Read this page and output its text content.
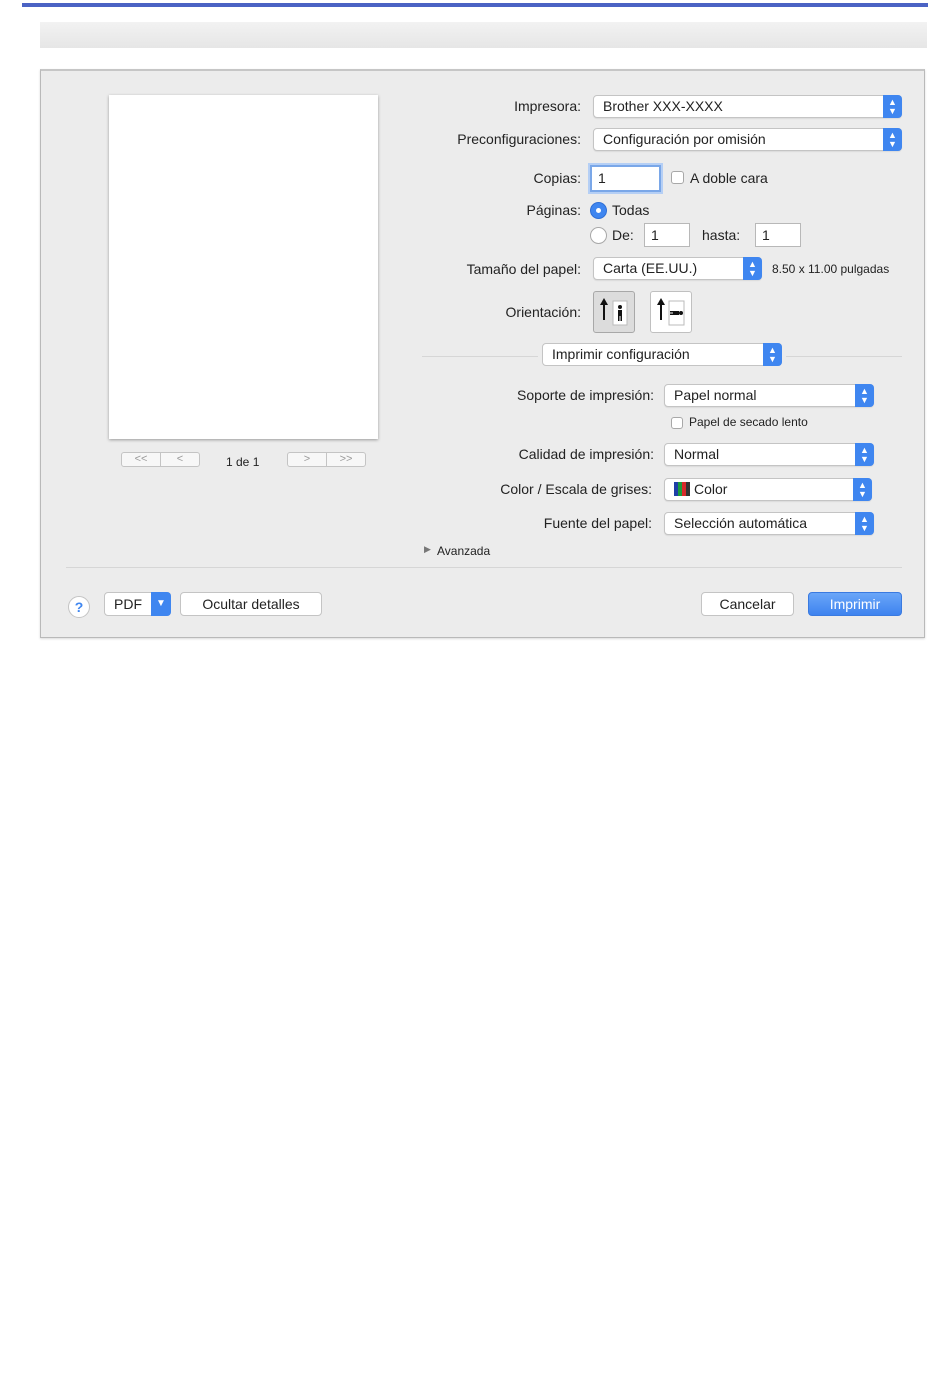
<<	<	1 de 1	>	>>
Impresora:	Brother XXX-XXXX	▲
▼
Preconfiguraciones:	Configuración por omisión	▲
▼
Copias:	1	A doble cara
Páginas: Todas
De:	1	hasta:	1
Tamaño del papel:	Carta (EE.UU.)	▲
▼	8.50 x 11.00 pulgadas
Orientación:
Imprimir configuración	▲
▼
Soporte de impresión:	Papel normal	▲
▼
Papel de secado lento
Calidad de impresión:	Normal	▲
▼
Color / Escala de grises:	Color	▲
▼
Fuente del papel:	Selección automática	▲
▼
▶ Avanzada
?	PDF	▼	Ocultar detalles	Cancelar	Imprimir
